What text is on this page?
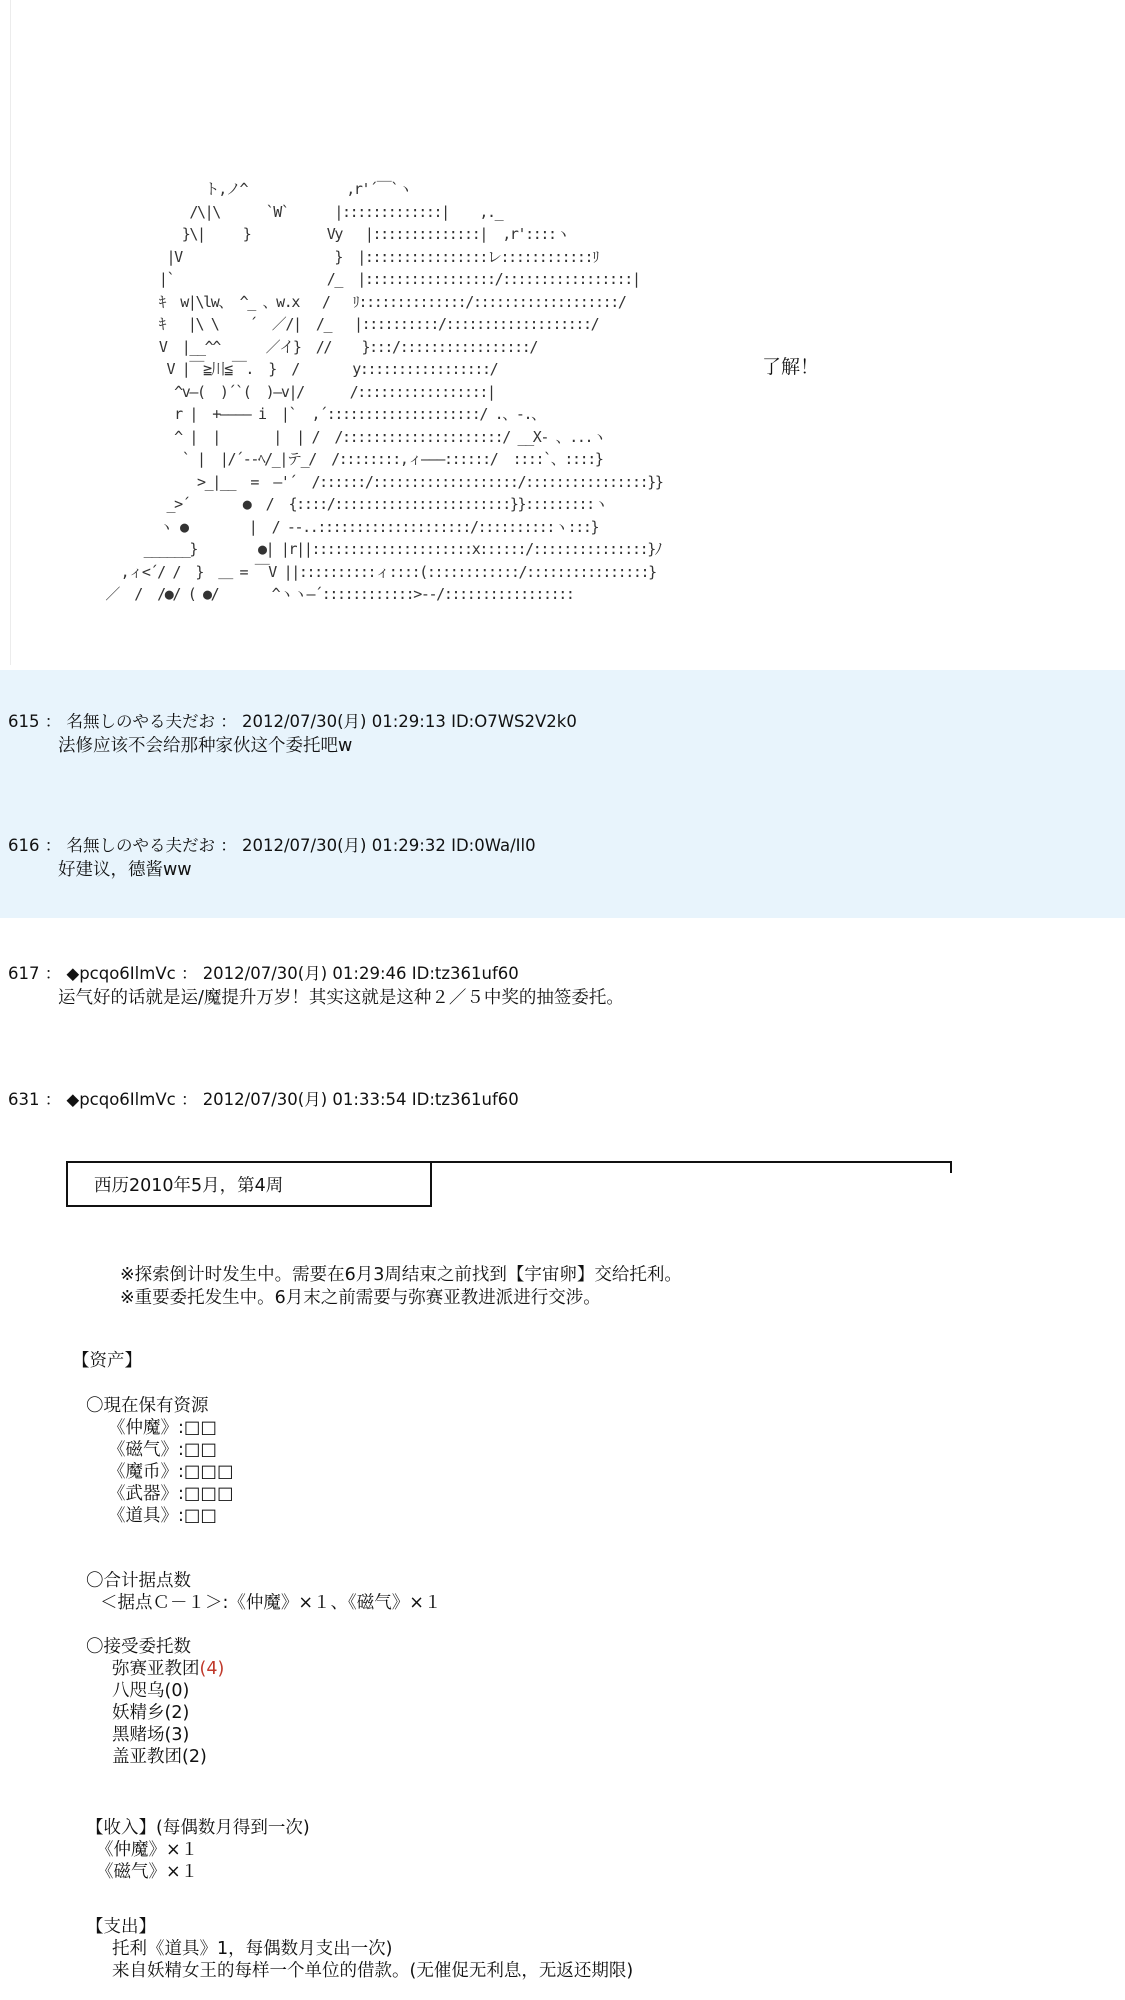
ト,ノ^             ,r'´￣`ヽ
/\|\      `W`      |:::::::::::::|    ,._
}\|     }          Vy   |::::::::::::::|  ,r'::::ヽ
|V                    }  |::::::::::::::::レ::::::::::::ﾘ
|`                    /_  |:::::::::::::::::/:::::::::::::::::|
ｷ  w|\lw、 ^_ 、w.x   /   ﾘ::::::::::::::/:::::::::::::::::::/
ｷ   |\ \    ´  ／/|  /_   |::::::::::/:::::::::::::::::::/
V  |__^^      ／イ}  //    }:::/:::::::::::::::::/
V |￣≧川≦￣.  }  /       y:::::::::::::::::/
^v―(  )´`(  )―v|/      /:::::::::::::::::|
r |  +―――― i  |`  ,´::::::::::::::::::::/ .、-.、
^ |  |       |  | /  /:::::::::::::::::::::/ __X- 、...ヽ
` |  |/´--ﾍ/_|テ_/  /::::::::,ィ―――::::::/  ::::`、::::}
>_|__  =  ―'´  /::::::/:::::::::::::::::::/::::::::::::::::}}
_>´       ●  /  {::::/:::::::::::::::::::::::}}:::::::::ヽ
ヽ ●        |  / ‐-..::::::::::::::::::::/::::::::::ヽ:::}
______}        ●| |r||:::::::::::::::::::::x::::::/:::::::::::::::}ﾉ
,ィ<´/ /  }  ＿ = ￣V ||::::::::::ィ::::(::::::::::::/::::::::::::::::}
／  /  /●/ ( ●/       ^ヽヽ―´::::::::::::>-‐/:::::::::::::::::
了解！
615 ： 名無しのやる夫だお ： 2012/07/30(月) 01:29:13 ID:O7WS2V2k0
法修应该不会给那种家伙这个委托吧w
616 ： 名無しのやる夫だお ： 2012/07/30(月) 01:29:32 ID:0Wa/Il0
好建议，德酱ww
617 ： ◆pcqo6IlmVc ： 2012/07/30(月) 01:29:46 ID:tz361uf60
运气好的话就是运/魔提升万岁！其实这就是这种２／５中奖的抽签委托。
631 ： ◆pcqo6IlmVc ： 2012/07/30(月) 01:33:54 ID:tz361uf60
西历2010年5月，第4周
※探索倒计时发生中。需要在6月3周结束之前找到【宇宙卵】交给托利。
※重要委托发生中。6月末之前需要与弥赛亚教进派进行交涉。
【资产】
〇現在保有资源
《仲魔》:□□
《磁气》:□□
《魔币》:□□□
《武器》:□□□
《道具》:□□
〇合计据点数
＜据点Ｃ－１＞:《仲魔》×１、《磁气》×１
〇接受委托数
弥赛亚教团(4)
八咫乌(0)
妖精乡(2)
黑赌场(3)
盖亚教团(2)
【收入】(每偶数月得到一次)
《仲魔》×１
《磁气》×１
【支出】
托利《道具》1，每偶数月支出一次)
来自妖精女王的每样一个单位的借款。(无催促无利息，无返还期限)
